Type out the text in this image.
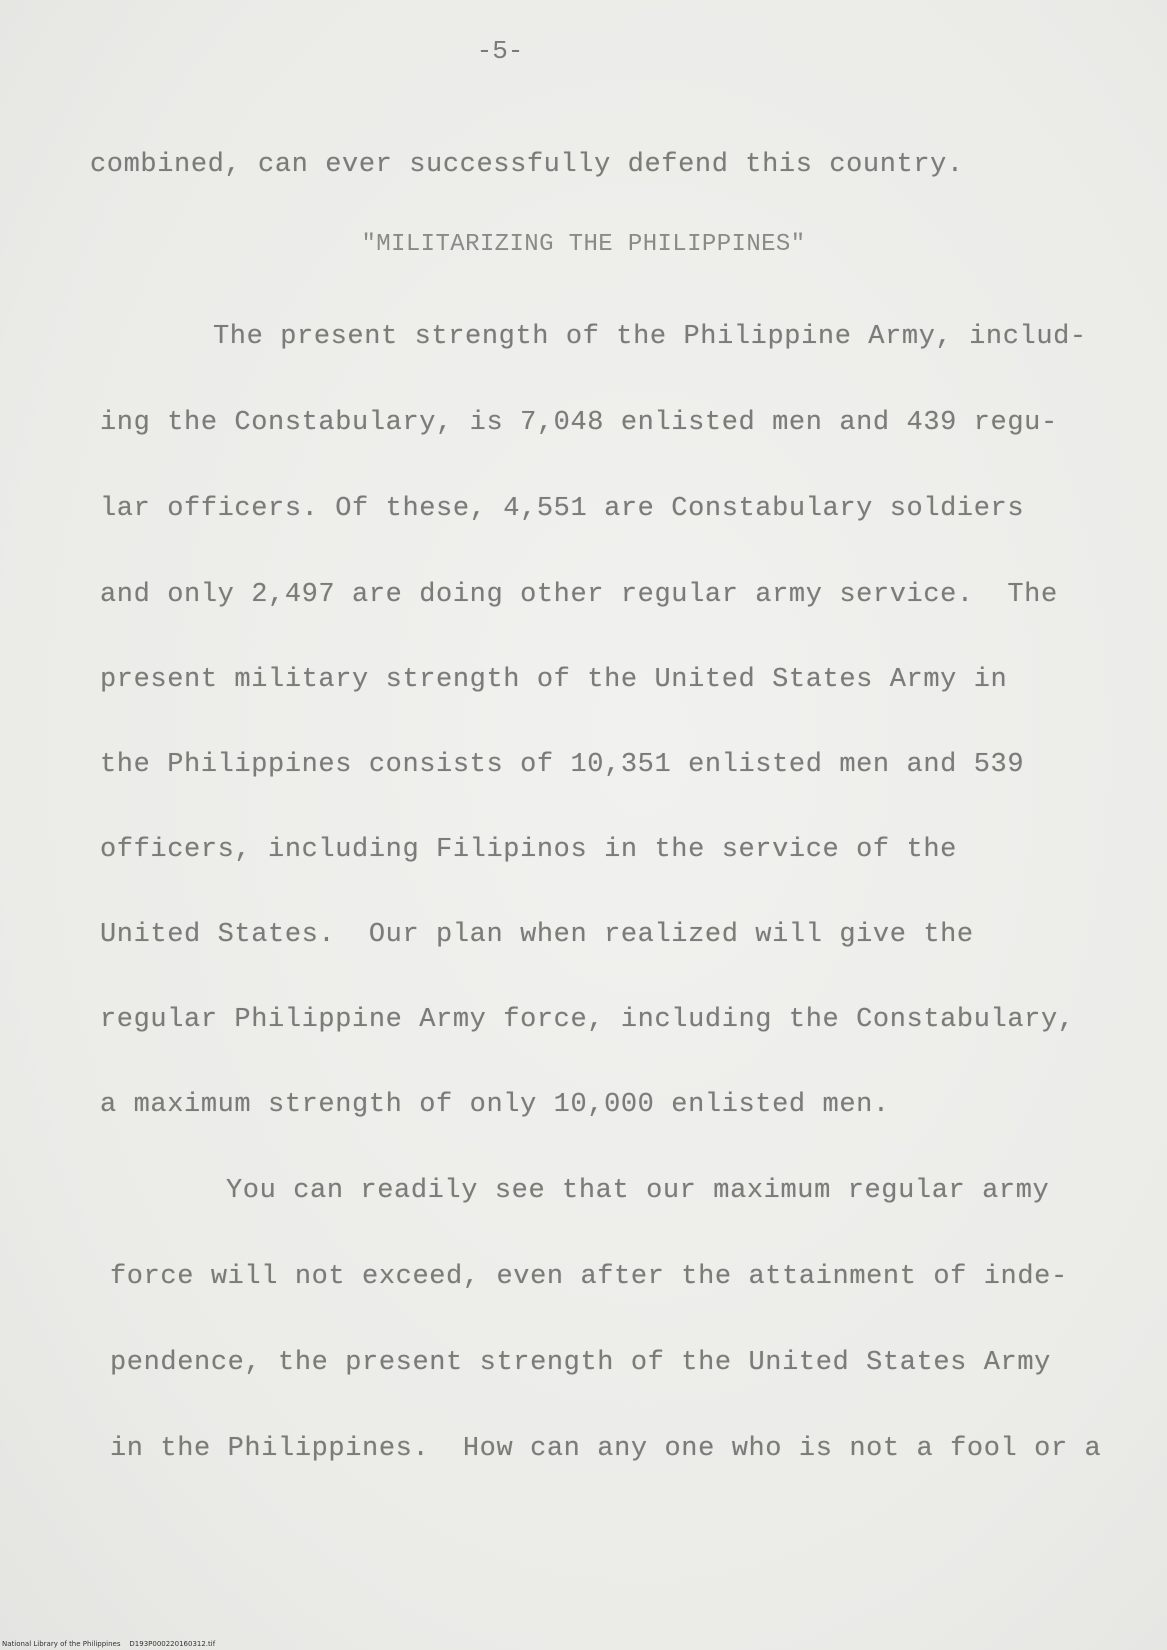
-5-
combined, can ever successfully defend this country.
"MILITARIZING THE PHILIPPINES"
The present strength of the Philippine Army, includ-
ing the Constabulary, is 7,048 enlisted men and 439 regu-
lar officers. Of these, 4,551 are Constabulary soldiers
and only 2,497 are doing other regular army service.  The
present military strength of the United States Army in
the Philippines consists of 10,351 enlisted men and 539
officers, including Filipinos in the service of the
United States.  Our plan when realized will give the
regular Philippine Army force, including the Constabulary,
a maximum strength of only 10,000 enlisted men.
You can readily see that our maximum regular army
force will not exceed, even after the attainment of inde-
pendence, the present strength of the United States Army
in the Philippines.  How can any one who is not a fool or a
National Library of the Philippines    D193P000220160312.tif
